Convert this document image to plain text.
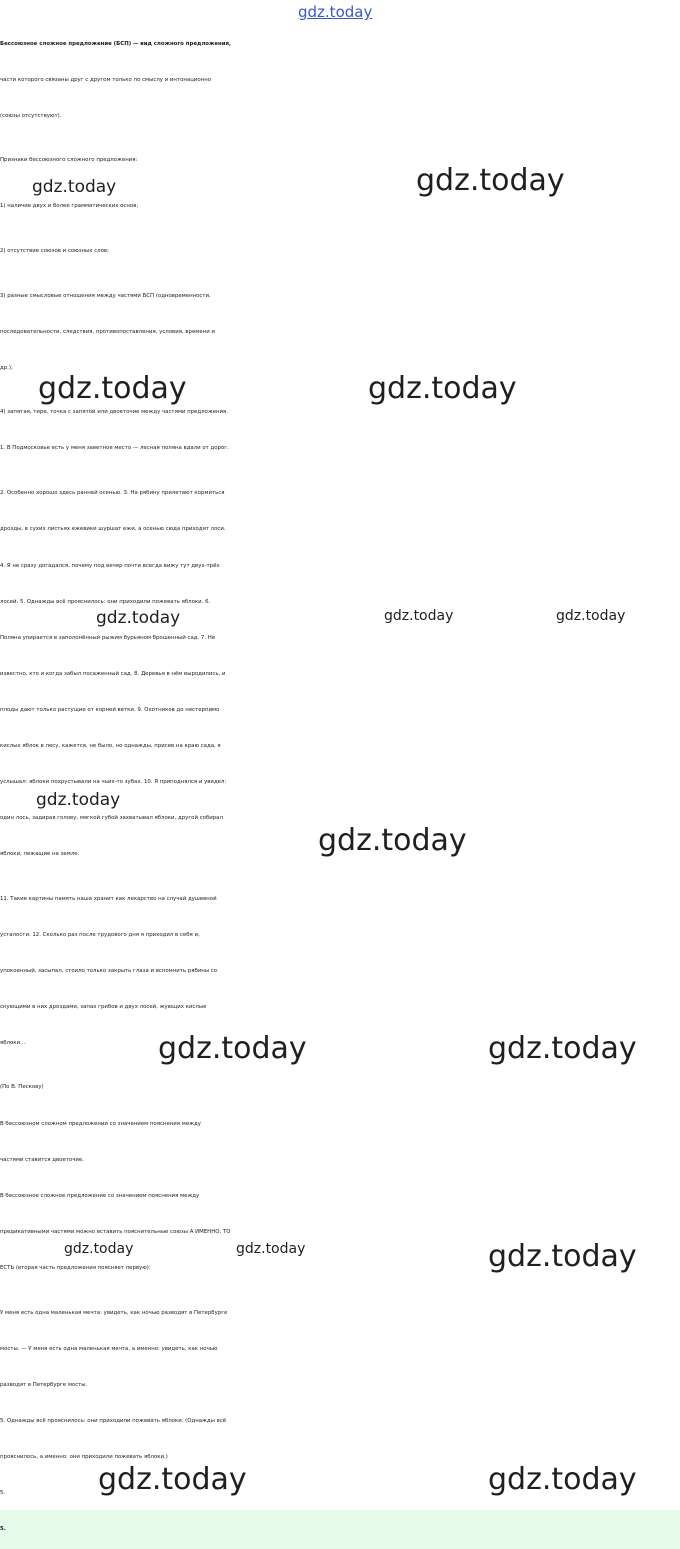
gdz.today

Бессоюзное сложное предложение (БСП) — вид сложного предложения,

части которого связаны друг с другом только по смыслу и интонационно

(союзы отсутствуют).

Признаки бессоюзного сложного предложения:

1) наличие двух и более грамматических основ;

2) отсутствие союзов и союзных слов;

3) разные смысловые отношения между частями БСП (одновременности,

последовательности, следствия, противопоставления, условия, времени и

др.);

4) запятая, тире, точка с запятой или двоеточие между частями предложения.

1. В Подмосковье есть у меня заветное место — лесная поляна вдали от дорог.

2. Особенно хорошо здесь ранней осенью. 3. На рябину прилетают кормиться

дрозды, в сухих листьях ежевики шуршат ежи, а осенью сюда приходят лоси.

4. Я не сразу догадался, почему под вечер почти всегда вижу тут двух-трёх

лосей. 5. Однажды всё прояснилось: они приходили пожевать яблоки. 6.

Поляна упирается в заполонённый рыжим бурьяном брошенный сад. 7. Не

известно, кто и когда забыл посаженный сад. 8. Деревья в нём выродились, и

плоды дают только растущие от корней ветки. 9. Охотников до нестерпимо

кислых яблок в лесу, кажется, не было, но однажды, присев на краю сада, я

услышал: яблоки похрустывали на чьих-то зубах. 10. Я приподнялся и увидел:

один лось, задирая голову, мягкой губой захватывал яблоки, другой собирал

яблоки, лежащие на земле.

11. Такие картины память наша хранит как лекарство на случай душевной

усталости. 12. Сколько раз после трудового дня я приходил в себя и,

упокоенный, засыпал, стоило только закрыть глаза и вспомнить рябины со

снующими в них дроздами, запах грибов и двух лосей, жующих кислые

яблоки...

(По В. Пескову)

В бессоюзном сложном предложении со значением пояснения между

частями ставится двоеточие.

В бессоюзное сложное предложение со значением пояснения между

предикативными частями можно вставить пояснительные союзы А ИМЕННО, ТО

ЕСТЬ (вторая часть предложения поясняет первую):

У меня есть одна маленькая мечта: увидеть, как ночью разводят в Петербурге

мосты. — У меня есть одна маленькая мечта, а именно: увидеть, как ночью

разводят в Петербурге мосты.

5. Однажды всё прояснилось: они приходили пожевать яблоки. (Однажды всё

прояснилось, а именно: они приходили пожевать яблоки.)

5.

5.

gdz.today	gdz.today
gdz.today	gdz.today
gdz.today	gdz.today	gdz.today
gdz.today
gdz.today
gdz.today	gdz.today
gdz.today	gdz.today	gdz.today
gdz.today	gdz.today
